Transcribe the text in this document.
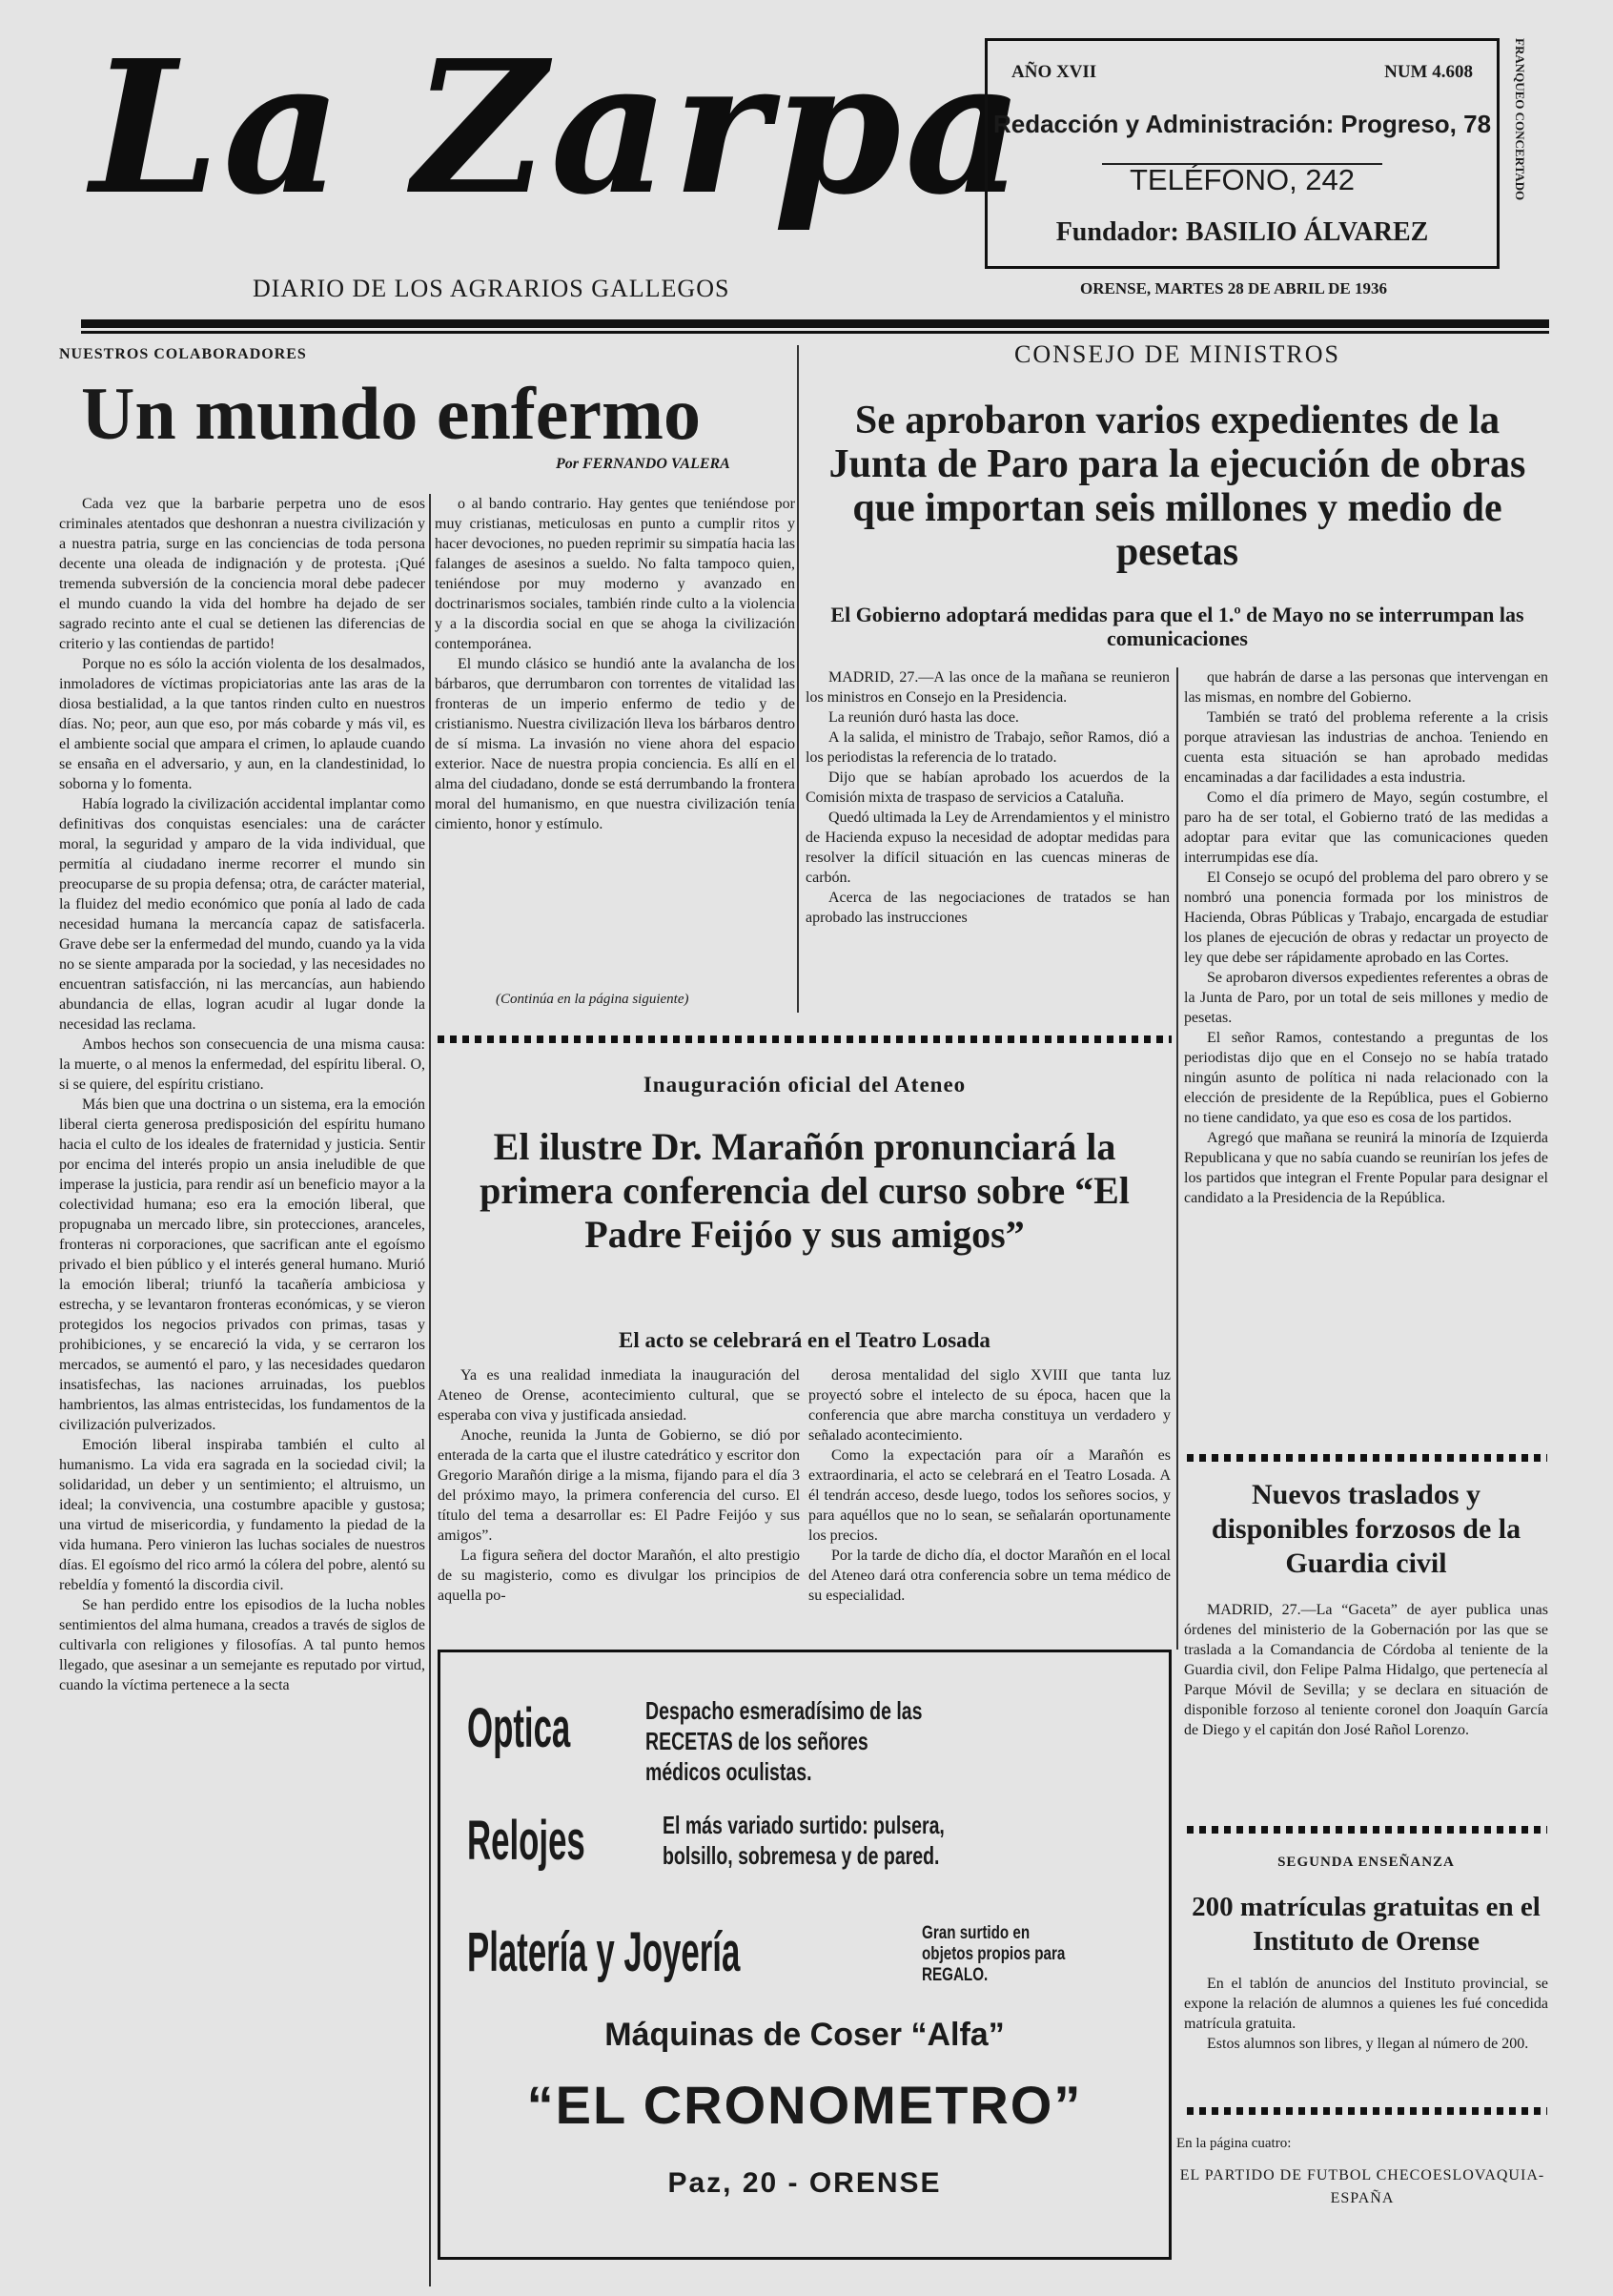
La Zarpa
DIARIO DE LOS AGRARIOS GALLEGOS
AÑO XVII	NUM 4.608
Redacción y Administración: Progreso, 78
TELÉFONO, 242
Fundador: BASILIO ÁLVAREZ
FRANQUEO CONCERTADO
ORENSE, MARTES 28 DE ABRIL DE 1936
NUESTROS COLABORADORES
Un mundo enfermo
Por FERNANDO VALERA

Cada vez que la barbarie perpetra uno de esos criminales atentados que deshonran a nuestra civilización y a nuestra patria, surge en las conciencias de toda persona decente una oleada de indignación y de protesta. ¡Qué tremenda subversión de la conciencia moral debe padecer el mundo cuando la vida del hombre ha dejado de ser sagrado recinto ante el cual se detienen las diferencias de criterio y las contiendas de partido!

Porque no es sólo la acción violenta de los desalmados, inmoladores de víctimas propiciatorias ante las aras de la diosa bestialidad, a la que tantos rinden culto en nuestros días. No; peor, aun que eso, por más cobarde y más vil, es el ambiente social que ampara el crimen, lo aplaude cuando se ensaña en el adversario, y aun, en la clandestinidad, lo soborna y lo fomenta.

Había logrado la civilización accidental implantar como definitivas dos conquistas esenciales: una de carácter moral, la seguridad y amparo de la vida individual, que permitía al ciudadano inerme recorrer el mundo sin preocuparse de su propia defensa; otra, de carácter material, la fluidez del medio económico que ponía al lado de cada necesidad humana la mercancía capaz de satisfacerla. Grave debe ser la enfermedad del mundo, cuando ya la vida no se siente amparada por la sociedad, y las necesidades no encuentran satisfacción, ni las mercancías, aun habiendo abundancia de ellas, logran acudir al lugar donde la necesidad las reclama.

Ambos hechos son consecuencia de una misma causa: la muerte, o al menos la enfermedad, del espíritu liberal. O, si se quiere, del espíritu cristiano.

Más bien que una doctrina o un sistema, era la emoción liberal cierta generosa predisposición del espíritu humano hacia el culto de los ideales de fraternidad y justicia. Sentir por encima del interés propio un ansia ineludible de que imperase la justicia, para rendir así un beneficio mayor a la colectividad humana; eso era la emoción liberal, que propugnaba un mercado libre, sin protecciones, aranceles, fronteras ni corporaciones, que sacrifican ante el egoísmo privado el bien público y el interés general humano. Murió la emoción liberal; triunfó la tacañería ambiciosa y estrecha, y se levantaron fronteras económicas, y se vieron protegidos los negocios privados con primas, tasas y prohibiciones, y se encareció la vida, y se cerraron los mercados, se aumentó el paro, y las necesidades quedaron insatisfechas, las naciones arruinadas, los pueblos hambrientos, las almas entristecidas, los fundamentos de la civilización pulverizados.

Emoción liberal inspiraba también el culto al humanismo. La vida era sagrada en la sociedad civil; la solidaridad, un deber y un sentimiento; el altruismo, un ideal; la convivencia, una costumbre apacible y gustosa; una virtud de misericordia, y fundamento la piedad de la vida humana. Pero vinieron las luchas sociales de nuestros días. El egoísmo del rico armó la cólera del pobre, alentó su rebeldía y fomentó la discordia civil.

Se han perdido entre los episodios de la lucha nobles sentimientos del alma humana, creados a través de siglos de cultivarla con religiones y filosofías. A tal punto hemos llegado, que asesinar a un semejante es reputado por virtud, cuando la víctima pertenece a la secta

o al bando contrario. Hay gentes que teniéndose por muy cristianas, meticulosas en punto a cumplir ritos y hacer devociones, no pueden reprimir su simpatía hacia las falanges de asesinos a sueldo. No falta tampoco quien, teniéndose por muy moderno y avanzado en doctrinarismos sociales, también rinde culto a la violencia y a la discordia social en que se ahoga la civilización contemporánea.

El mundo clásico se hundió ante la avalancha de los bárbaros, que derrumbaron con torrentes de vitalidad las fronteras de un imperio enfermo de tedio y de cristianismo. Nuestra civilización lleva los bárbaros dentro de sí misma. La invasión no viene ahora del espacio exterior. Nace de nuestra propia conciencia. Es allí en el alma del ciudadano, donde se está derrumbando la frontera moral del humanismo, en que nuestra civilización tenía cimiento, honor y estímulo.

(Continúa en la página siguiente)
CONSEJO DE MINISTROS
Se aprobaron varios expedientes de la Junta de Paro para la ejecución de obras que importan seis millones y medio de pesetas
El Gobierno adoptará medidas para que el 1.º de Mayo no se interrumpan las comunicaciones

MADRID, 27.—A las once de la mañana se reunieron los ministros en Consejo en la Presidencia.

La reunión duró hasta las doce.

A la salida, el ministro de Trabajo, señor Ramos, dió a los periodistas la referencia de lo tratado.

Dijo que se habían aprobado los acuerdos de la Comisión mixta de traspaso de servicios a Cataluña.

Quedó ultimada la Ley de Arrendamientos y el ministro de Hacienda expuso la necesidad de adoptar medidas para resolver la difícil situación en las cuencas mineras de carbón.

Acerca de las negociaciones de tratados se han aprobado las instrucciones

que habrán de darse a las personas que intervengan en las mismas, en nombre del Gobierno.

También se trató del problema referente a la crisis porque atraviesan las industrias de anchoa. Teniendo en cuenta esta situación se han aprobado medidas encaminadas a dar facilidades a esta industria.

Como el día primero de Mayo, según costumbre, el paro ha de ser total, el Gobierno trató de las medidas a adoptar para evitar que las comunicaciones queden interrumpidas ese día.

El Consejo se ocupó del problema del paro obrero y se nombró una ponencia formada por los ministros de Hacienda, Obras Públicas y Trabajo, encargada de estudiar los planes de ejecución de obras y redactar un proyecto de ley que debe ser rápidamente aprobado en las Cortes.

Se aprobaron diversos expedientes referentes a obras de la Junta de Paro, por un total de seis millones y medio de pesetas.

El señor Ramos, contestando a preguntas de los periodistas dijo que en el Consejo no se había tratado ningún asunto de política ni nada relacionado con la elección de presidente de la República, pues el Gobierno no tiene candidato, ya que eso es cosa de los partidos.

Agregó que mañana se reunirá la minoría de Izquierda Republicana y que no sabía cuando se reunirían los jefes de los partidos que integran el Frente Popular para designar el candidato a la Presidencia de la República.

Inauguración oficial del Ateneo
El ilustre Dr. Marañón pronunciará la primera conferencia del curso sobre “El Padre Feijóo y sus amigos”
El acto se celebrará en el Teatro Losada

Ya es una realidad inmediata la inauguración del Ateneo de Orense, acontecimiento cultural, que se esperaba con viva y justificada ansiedad.

Anoche, reunida la Junta de Gobierno, se dió por enterada de la carta que el ilustre catedrático y escritor don Gregorio Marañón dirige a la misma, fijando para el día 3 del próximo mayo, la primera conferencia del curso. El título del tema a desarrollar es: El Padre Feijóo y sus amigos”.

La figura señera del doctor Marañón, el alto prestigio de su magisterio, como es divulgar los principios de aquella po-

derosa mentalidad del siglo XVIII que tanta luz proyectó sobre el intelecto de su época, hacen que la conferencia que abre marcha constituya un verdadero y señalado acontecimiento.

Como la expectación para oír a Marañón es extraordinaria, el acto se celebrará en el Teatro Losada. A él tendrán acceso, desde luego, todos los señores socios, y para aquéllos que no lo sean, se señalarán oportunamente los precios.

Por la tarde de dicho día, el doctor Marañón en el local del Ateneo dará otra conferencia sobre un tema médico de su especialidad.

Optica	Despacho esmeradísimo de las RECETAS de los señores médicos oculistas.
Relojes	El más variado surtido: pulsera, bolsillo, sobremesa y de pared.
Platería y Joyería	Gran surtido en objetos propios para REGALO.
Máquinas de Coser “Alfa”
“EL CRONOMETRO”
Paz, 20 - ORENSE
Nuevos traslados y disponibles forzosos de la Guardia civil

MADRID, 27.—La “Gaceta” de ayer publica unas órdenes del ministerio de la Gobernación por las que se traslada a la Comandancia de Córdoba al teniente de la Guardia civil, don Felipe Palma Hidalgo, que pertenecía al Parque Móvil de Sevilla; y se declara en situación de disponible forzoso al teniente coronel don Joaquín García de Diego y el capitán don José Rañol Lorenzo.

SEGUNDA ENSEÑANZA
200 matrículas gratuitas en el Instituto de Orense

En el tablón de anuncios del Instituto provincial, se expone la relación de alumnos a quienes les fué concedida matrícula gratuita.

Estos alumnos son libres, y llegan al número de 200.

En la página cuatro:
EL PARTIDO DE FUTBOL CHECOESLOVAQUIA-ESPAÑA
